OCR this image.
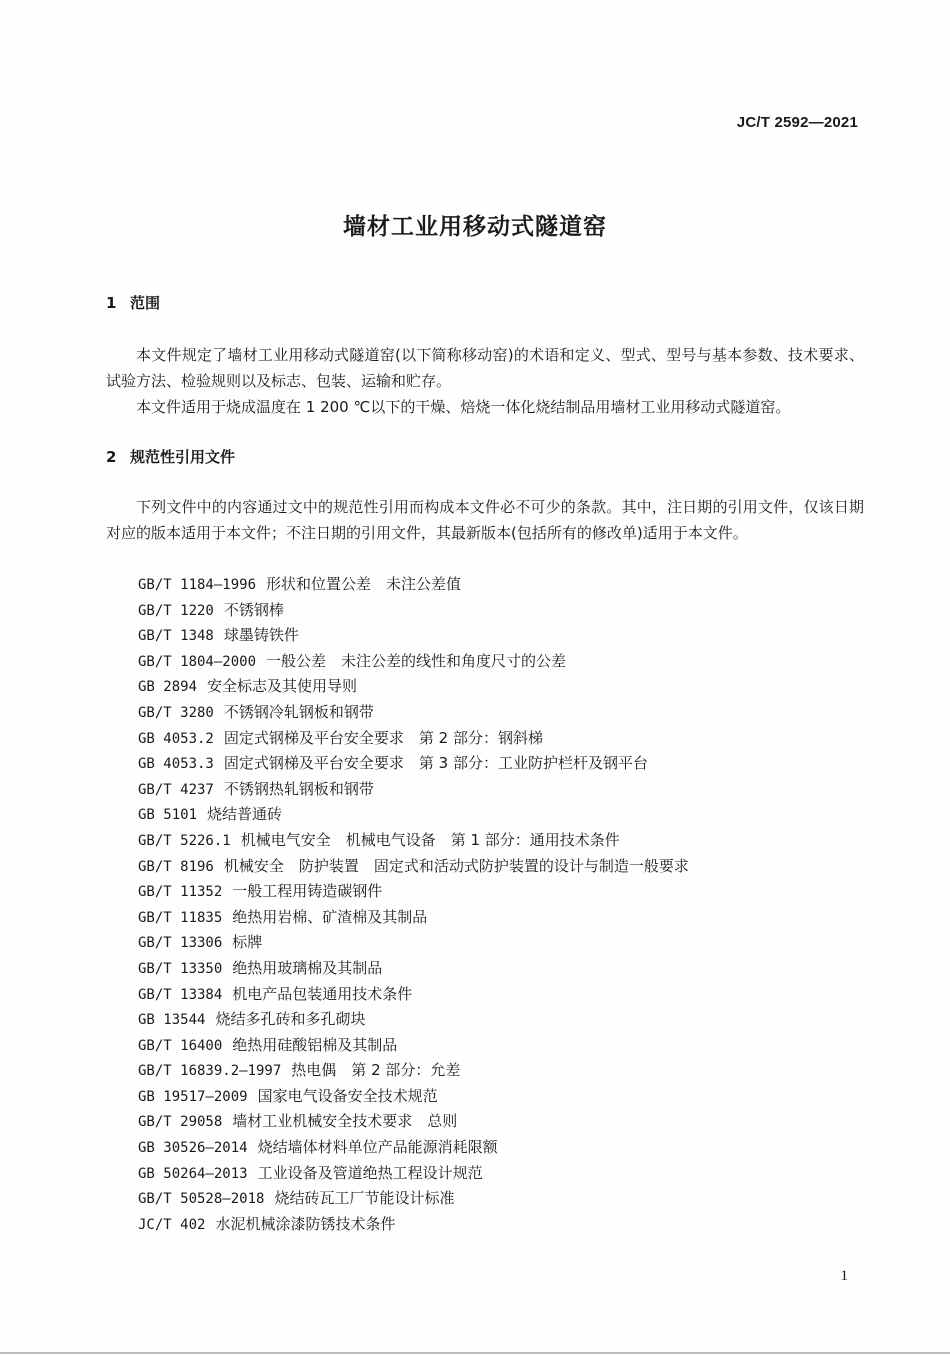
JC/T 2592—2021
墙材工业用移动式隧道窑
1 范围

本文件规定了墙材工业用移动式隧道窑(以下简称移动窑)的术语和定义、型式、型号与基本参数、技术要求、试验方法、检验规则以及标志、包装、运输和贮存。

本文件适用于烧成温度在 1 200 ℃以下的干燥、焙烧一体化烧结制品用墙材工业用移动式隧道窑。

2 规范性引用文件

下列文件中的内容通过文中的规范性引用而构成本文件必不可少的条款。其中，注日期的引用文件，仅该日期对应的版本适用于本文件；不注日期的引用文件，其最新版本(包括所有的修改单)适用于本文件。

GB/T 1184—1996 形状和位置公差　未注公差值
GB/T 1220 不锈钢棒
GB/T 1348 球墨铸铁件
GB/T 1804—2000 一般公差　未注公差的线性和角度尺寸的公差
GB 2894 安全标志及其使用导则
GB/T 3280 不锈钢冷轧钢板和钢带
GB 4053.2 固定式钢梯及平台安全要求　第 2 部分：钢斜梯
GB 4053.3 固定式钢梯及平台安全要求　第 3 部分：工业防护栏杆及钢平台
GB/T 4237 不锈钢热轧钢板和钢带
GB 5101 烧结普通砖
GB/T 5226.1 机械电气安全　机械电气设备　第 1 部分：通用技术条件
GB/T 8196 机械安全　防护装置　固定式和活动式防护装置的设计与制造一般要求
GB/T 11352 一般工程用铸造碳钢件
GB/T 11835 绝热用岩棉、矿渣棉及其制品
GB/T 13306 标牌
GB/T 13350 绝热用玻璃棉及其制品
GB/T 13384 机电产品包装通用技术条件
GB 13544 烧结多孔砖和多孔砌块
GB/T 16400 绝热用硅酸铝棉及其制品
GB/T 16839.2—1997 热电偶　第 2 部分：允差
GB 19517—2009 国家电气设备安全技术规范
GB/T 29058 墙材工业机械安全技术要求　总则
GB 30526—2014 烧结墙体材料单位产品能源消耗限额
GB 50264—2013 工业设备及管道绝热工程设计规范
GB/T 50528—2018 烧结砖瓦工厂节能设计标准
JC/T 402 水泥机械涂漆防锈技术条件
1
